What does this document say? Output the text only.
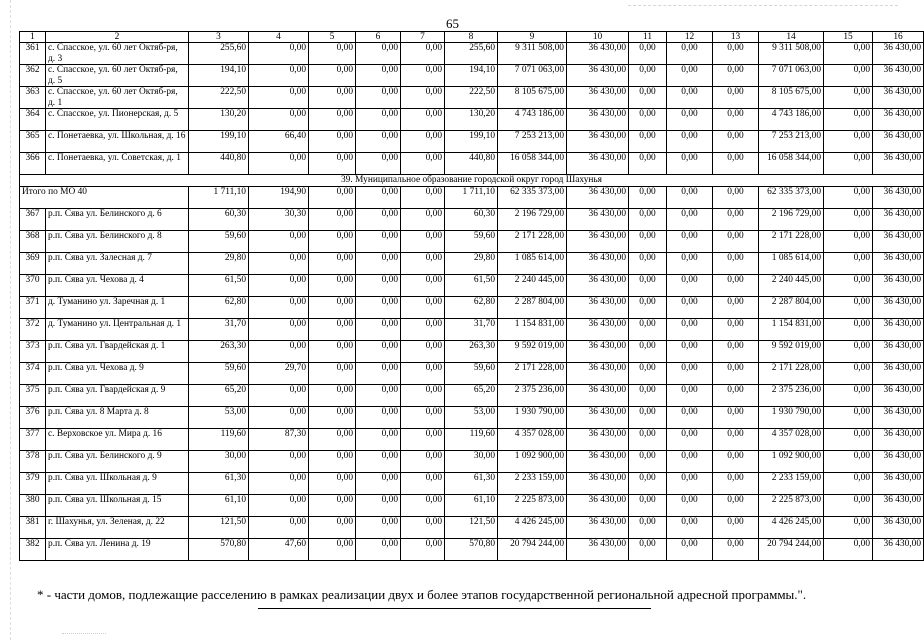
65
1	2	3	4	5	6	7	8	9	10	11	12	13	14	15	16
361	с. Спасское, ул. 60 лет Октяб-ря, д. 3	255,60	0,00	0,00	0,00	0,00	255,60	9 311 508,00	36 430,00	0,00	0,00	0,00	9 311 508,00	0,00	36 430,00
362	с. Спасское, ул. 60 лет Октяб-ря, д. 5	194,10	0,00	0,00	0,00	0,00	194,10	7 071 063,00	36 430,00	0,00	0,00	0,00	7 071 063,00	0,00	36 430,00
363	с. Спасское, ул. 60 лет Октяб-ря, д. 1	222,50	0,00	0,00	0,00	0,00	222,50	8 105 675,00	36 430,00	0,00	0,00	0,00	8 105 675,00	0,00	36 430,00
364	с. Спасское, ул. Пионерская, д. 5	130,20	0,00	0,00	0,00	0,00	130,20	4 743 186,00	36 430,00	0,00	0,00	0,00	4 743 186,00	0,00	36 430,00
365	с. Понетаевка, ул. Школьная, д. 16	199,10	66,40	0,00	0,00	0,00	199,10	7 253 213,00	36 430,00	0,00	0,00	0,00	7 253 213,00	0,00	36 430,00
366	с. Понетаевка, ул. Советская, д. 1	440,80	0,00	0,00	0,00	0,00	440,80	16 058 344,00	36 430,00	0,00	0,00	0,00	16 058 344,00	0,00	36 430,00
39. Муниципальное образование городской округ город Шахунья															
Итого по МО 40		1 711,10	194,90	0,00	0,00	0,00	1 711,10	62 335 373,00	36 430,00	0,00	0,00	0,00	62 335 373,00	0,00	36 430,00
367	р.п. Сява ул. Белинского д. 6	60,30	30,30	0,00	0,00	0,00	60,30	2 196 729,00	36 430,00	0,00	0,00	0,00	2 196 729,00	0,00	36 430,00
368	р.п. Сява ул. Белинского д. 8	59,60	0,00	0,00	0,00	0,00	59,60	2 171 228,00	36 430,00	0,00	0,00	0,00	2 171 228,00	0,00	36 430,00
369	р.п. Сява ул. Залесная д. 7	29,80	0,00	0,00	0,00	0,00	29,80	1 085 614,00	36 430,00	0,00	0,00	0,00	1 085 614,00	0,00	36 430,00
370	р.п. Сява ул. Чехова д. 4	61,50	0,00	0,00	0,00	0,00	61,50	2 240 445,00	36 430,00	0,00	0,00	0,00	2 240 445,00	0,00	36 430,00
371	д. Туманино ул. Заречная д. 1	62,80	0,00	0,00	0,00	0,00	62,80	2 287 804,00	36 430,00	0,00	0,00	0,00	2 287 804,00	0,00	36 430,00
372	д. Туманино ул. Центральная д. 1	31,70	0,00	0,00	0,00	0,00	31,70	1 154 831,00	36 430,00	0,00	0,00	0,00	1 154 831,00	0,00	36 430,00
373	р.п. Сява ул. Гвардейская д. 1	263,30	0,00	0,00	0,00	0,00	263,30	9 592 019,00	36 430,00	0,00	0,00	0,00	9 592 019,00	0,00	36 430,00
374	р.п. Сява ул. Чехова д. 9	59,60	29,70	0,00	0,00	0,00	59,60	2 171 228,00	36 430,00	0,00	0,00	0,00	2 171 228,00	0,00	36 430,00
375	р.п. Сява ул. Гвардейская д. 9	65,20	0,00	0,00	0,00	0,00	65,20	2 375 236,00	36 430,00	0,00	0,00	0,00	2 375 236,00	0,00	36 430,00
376	р.п. Сява ул. 8 Марта д. 8	53,00	0,00	0,00	0,00	0,00	53,00	1 930 790,00	36 430,00	0,00	0,00	0,00	1 930 790,00	0,00	36 430,00
377	с. Верховское ул. Мира д. 16	119,60	87,30	0,00	0,00	0,00	119,60	4 357 028,00	36 430,00	0,00	0,00	0,00	4 357 028,00	0,00	36 430,00
378	р.п. Сява ул. Белинского д. 9	30,00	0,00	0,00	0,00	0,00	30,00	1 092 900,00	36 430,00	0,00	0,00	0,00	1 092 900,00	0,00	36 430,00
379	р.п. Сява ул. Школьная д. 9	61,30	0,00	0,00	0,00	0,00	61,30	2 233 159,00	36 430,00	0,00	0,00	0,00	2 233 159,00	0,00	36 430,00
380	р.п. Сява ул. Школьная д. 15	61,10	0,00	0,00	0,00	0,00	61,10	2 225 873,00	36 430,00	0,00	0,00	0,00	2 225 873,00	0,00	36 430,00
381	г. Шахунья, ул. Зеленая, д. 22	121,50	0,00	0,00	0,00	0,00	121,50	4 426 245,00	36 430,00	0,00	0,00	0,00	4 426 245,00	0,00	36 430,00
382	р.п. Сява ул. Ленина д. 19	570,80	47,60	0,00	0,00	0,00	570,80	20 794 244,00	36 430,00	0,00	0,00	0,00	20 794 244,00	0,00	36 430,00
* - части домов, подлежащие расселению в рамках реализации двух и более этапов государственной региональной адресной программы.".
